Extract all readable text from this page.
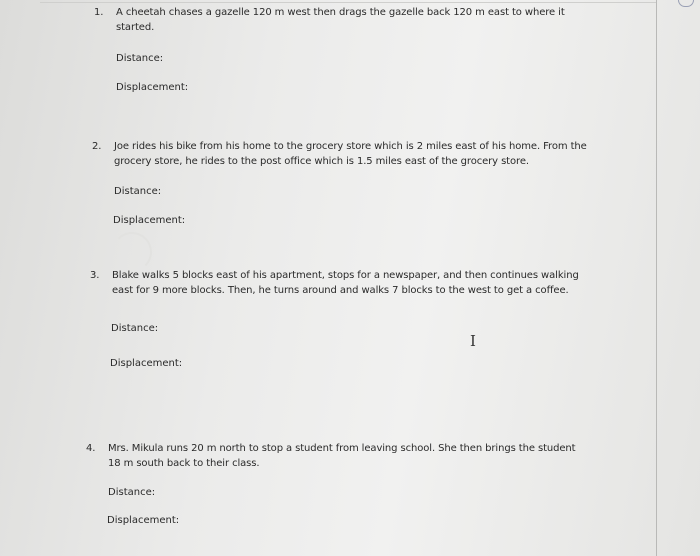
1. A cheetah chases a gazelle 120 m west then drags the gazelle back 120 m east to where it
started.
Distance:
Displacement:
2. Joe rides his bike from his home to the grocery store which is 2 miles east of his home. From the
grocery store, he rides to the post office which is 1.5 miles east of the grocery store.
Distance:
Displacement:
3. Blake walks 5 blocks east of his apartment, stops for a newspaper, and then continues walking
east for 9 more blocks. Then, he turns around and walks 7 blocks to the west to get a coffee.
Distance:
I
Displacement:
4. Mrs. Mikula runs 20 m north to stop a student from leaving school. She then brings the student
18 m south back to their class.
Distance:
Displacement:
